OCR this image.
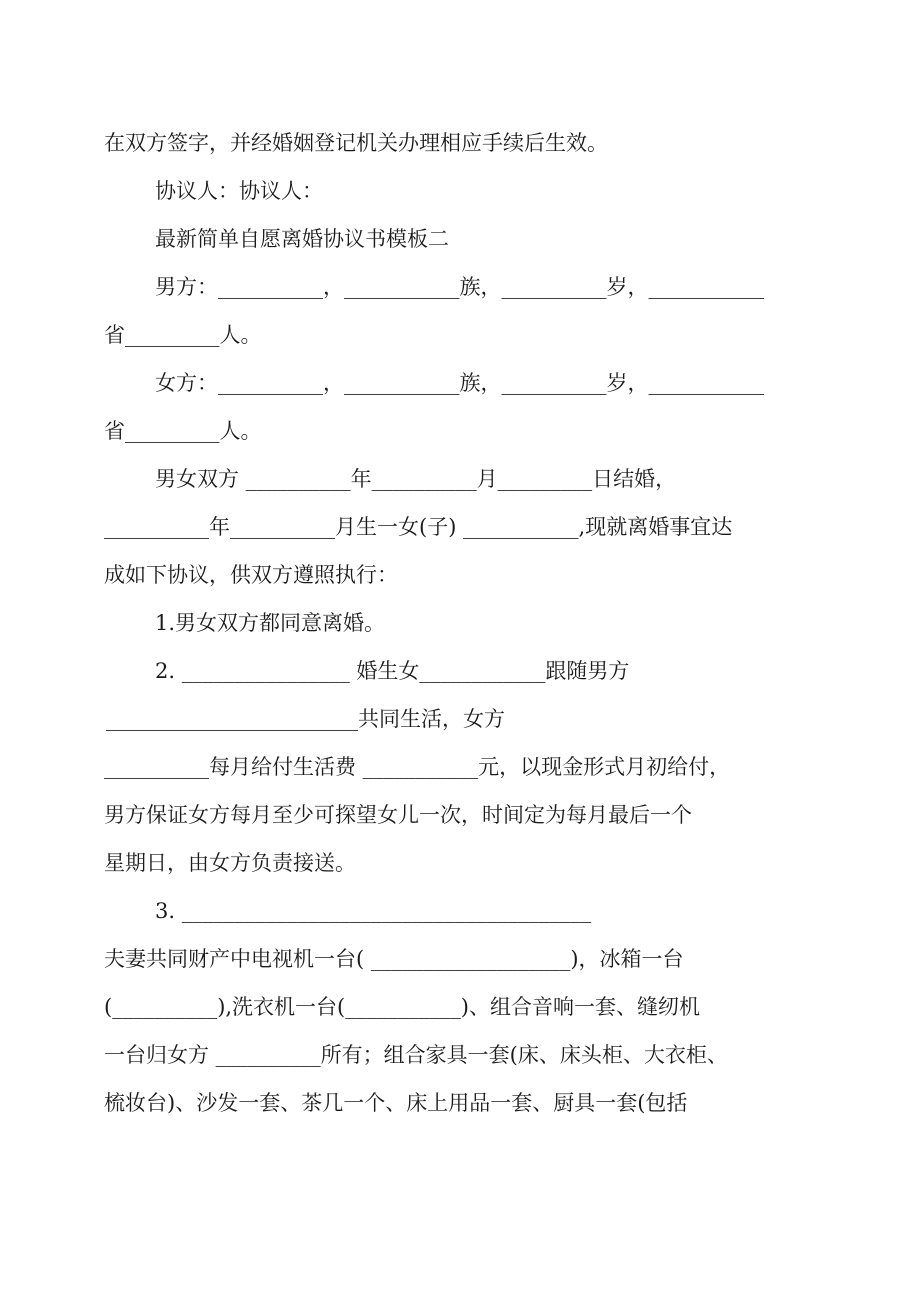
在双方签字，并经婚姻登记机关办理相应手续后生效。
协议人：协议人：
最新简单自愿离婚协议书模板二
男方：__________，___________族，__________岁，___________
省_________人。
女方：__________，___________族，__________岁，___________
省_________人。
男女双方 __________年__________月_________日结婚，
__________年__________月生一女(子) ___________,现就离婚事宜达
成如下协议，供双方遵照执行：
1.男女双方都同意离婚。
2. ________________ 婚生女____________跟随男方
________________________共同生活，女方
__________每月给付生活费 ___________元，以现金形式月初给付，
男方保证女方每月至少可探望女儿一次，时间定为每月最后一个
星期日，由女方负责接送。
3. _______________________________________
夫妻共同财产中电视机一台( ___________________)，冰箱一台
(__________),洗衣机一台(___________)、组合音响一套、缝纫机
一台归女方 __________所有；组合家具一套(床、床头柜、大衣柜、
梳妆台)、沙发一套、茶几一个、床上用品一套、厨具一套(包括
